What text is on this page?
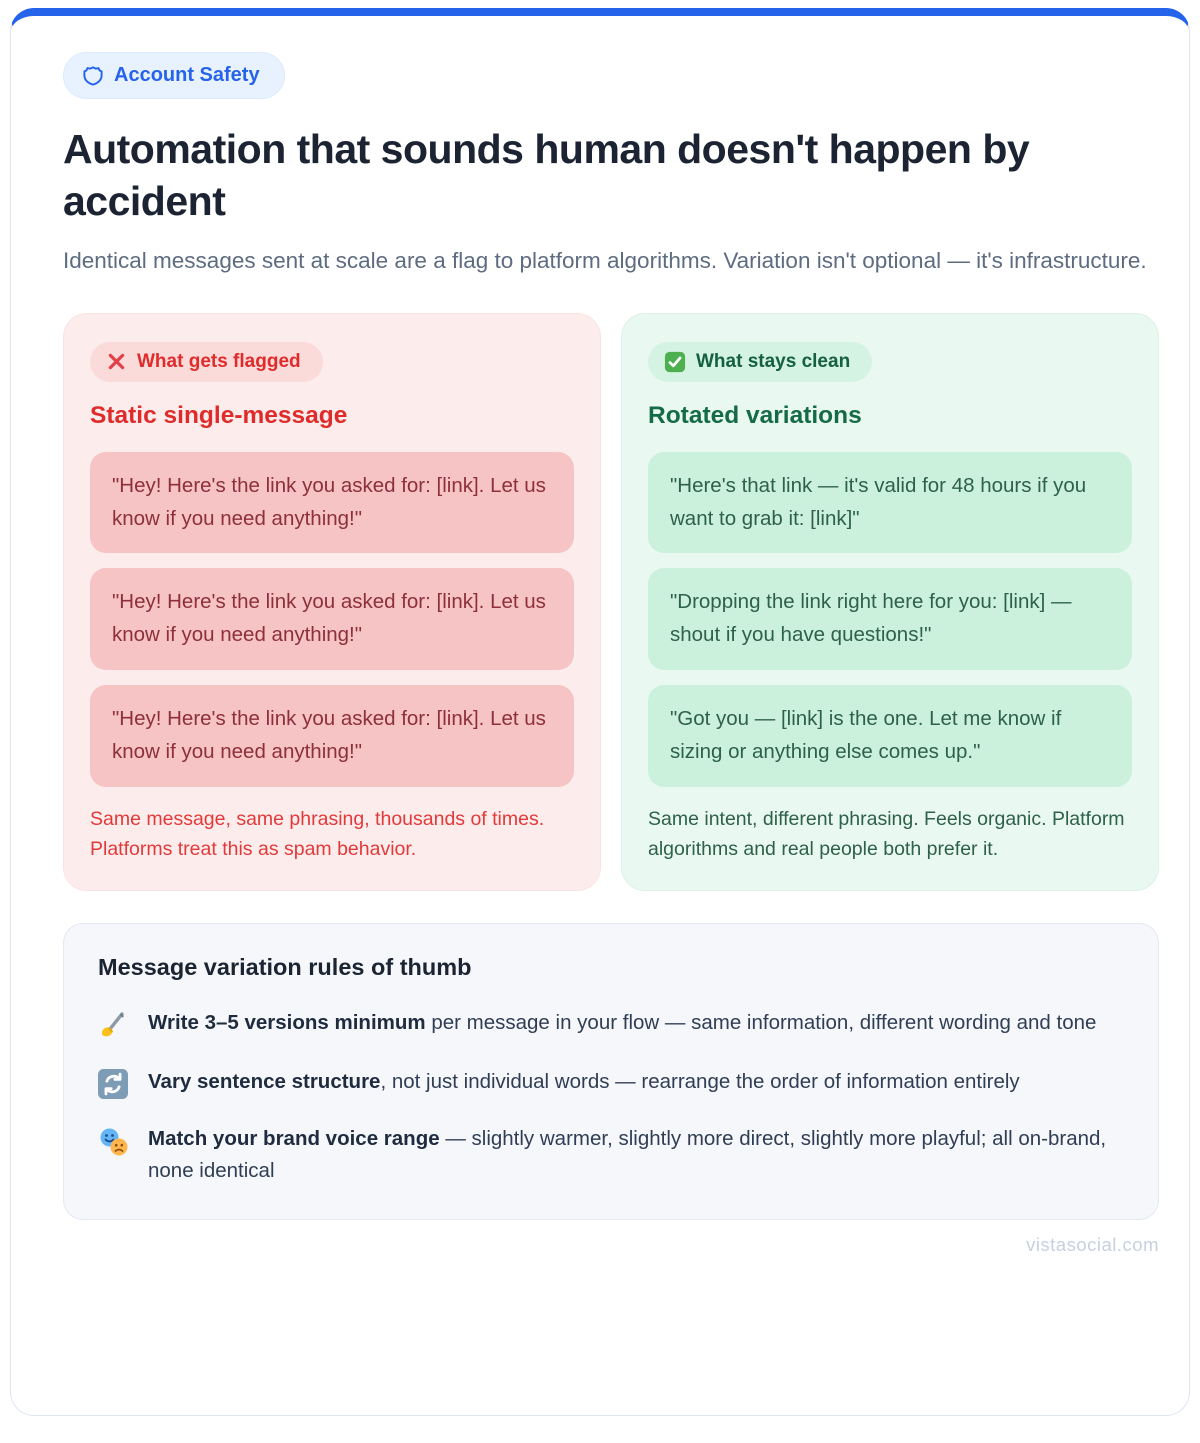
Account Safety
Automation that sounds human doesn't happen by accident

Identical messages sent at scale are a flag to platform algorithms. Variation isn't optional — it's infrastructure.

What gets flagged
Static single-message
"Hey! Here's the link you asked for: [link]. Let us know if you need anything!"
"Hey! Here's the link you asked for: [link]. Let us know if you need anything!"
"Hey! Here's the link you asked for: [link]. Let us know if you need anything!"
Same message, same phrasing, thousands of times. Platforms treat this as spam behavior.
What stays clean
Rotated variations
"Here's that link — it's valid for 48 hours if you want to grab it: [link]"
"Dropping the link right here for you: [link] — shout if you have questions!"
"Got you — [link] is the one. Let me know if sizing or anything else comes up."
Same intent, different phrasing. Feels organic. Platform algorithms and real people both prefer it.
Message variation rules of thumb
Write 3–5 versions minimum per message in your flow — same information, different wording and tone
Vary sentence structure, not just individual words — rearrange the order of information entirely
Match your brand voice range — slightly warmer, slightly more direct, slightly more playful; all on-brand, none identical
vistasocial.com
